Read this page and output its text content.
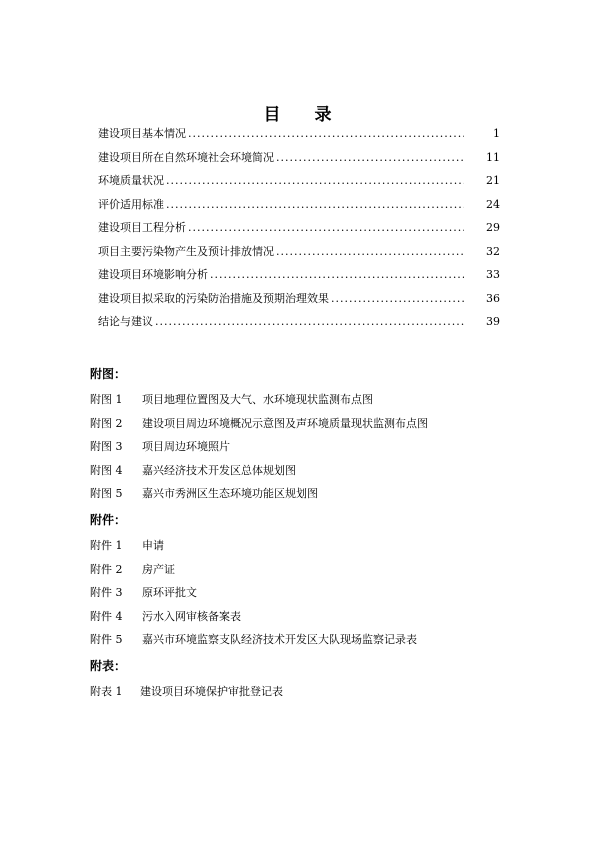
目 录
建设项目基本情况 .....	1
建设项目所在自然环境社会环境简况 .....	11
环境质量状况 .....	21
评价适用标准 .....	24
建设项目工程分析 .....	29
项目主要污染物产生及预计排放情况 .....	32
建设项目环境影响分析 .....	33
建设项目拟采取的污染防治措施及预期治理效果 .....	36
结论与建议 .....	39
附图：
附图 1 项目地理位置图及大气、水环境现状监测布点图
附图 2 建设项目周边环境概况示意图及声环境质量现状监测布点图
附图 3 项目周边环境照片
附图 4 嘉兴经济技术开发区总体规划图
附图 5 嘉兴市秀洲区生态环境功能区规划图
附件：
附件 1 申请
附件 2 房产证
附件 3 原环评批文
附件 4 污水入网审核备案表
附件 5 嘉兴市环境监察支队经济技术开发区大队现场监察记录表
附表：
附表 1 建设项目环境保护审批登记表
